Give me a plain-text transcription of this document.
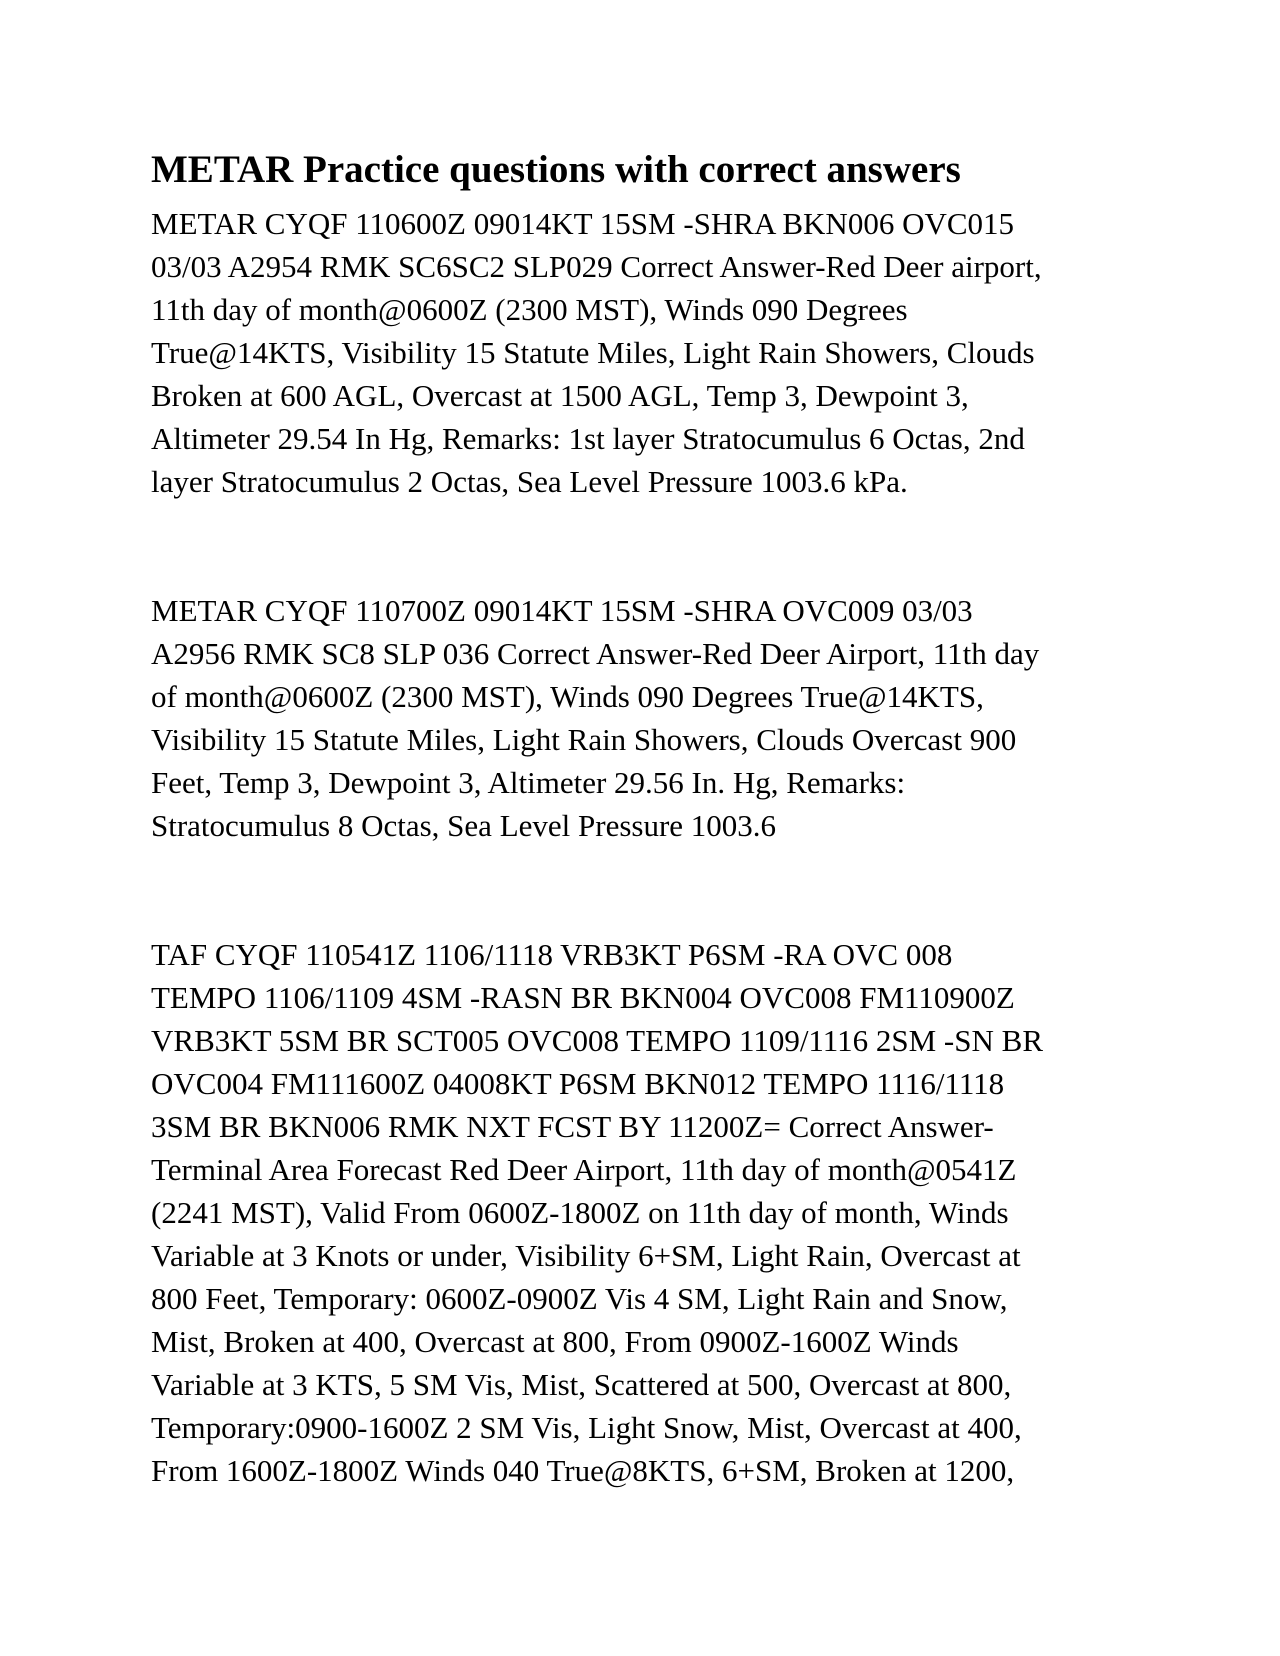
METAR Practice questions with correct answers

METAR CYQF 110600Z 09014KT 15SM -SHRA BKN006 OVC015
03/03 A2954 RMK SC6SC2 SLP029 Correct Answer-Red Deer airport,
11th day of month@0600Z (2300 MST), Winds 090 Degrees
True@14KTS, Visibility 15 Statute Miles, Light Rain Showers, Clouds
Broken at 600 AGL, Overcast at 1500 AGL, Temp 3, Dewpoint 3,
Altimeter 29.54 In Hg, Remarks: 1st layer Stratocumulus 6 Octas, 2nd
layer Stratocumulus 2 Octas, Sea Level Pressure 1003.6 kPa.

METAR CYQF 110700Z 09014KT 15SM -SHRA OVC009 03/03
A2956 RMK SC8 SLP 036 Correct Answer-Red Deer Airport, 11th day
of month@0600Z (2300 MST), Winds 090 Degrees True@14KTS,
Visibility 15 Statute Miles, Light Rain Showers, Clouds Overcast 900
Feet, Temp 3, Dewpoint 3, Altimeter 29.56 In. Hg, Remarks:
Stratocumulus 8 Octas, Sea Level Pressure 1003.6

TAF CYQF 110541Z 1106/1118 VRB3KT P6SM -RA OVC 008
TEMPO 1106/1109 4SM -RASN BR BKN004 OVC008 FM110900Z
VRB3KT 5SM BR SCT005 OVC008 TEMPO 1109/1116 2SM -SN BR
OVC004 FM111600Z 04008KT P6SM BKN012 TEMPO 1116/1118
3SM BR BKN006 RMK NXT FCST BY 11200Z= Correct Answer-
Terminal Area Forecast Red Deer Airport, 11th day of month@0541Z
(2241 MST), Valid From 0600Z-1800Z on 11th day of month, Winds
Variable at 3 Knots or under, Visibility 6+SM, Light Rain, Overcast at
800 Feet, Temporary: 0600Z-0900Z Vis 4 SM, Light Rain and Snow,
Mist, Broken at 400, Overcast at 800, From 0900Z-1600Z Winds
Variable at 3 KTS, 5 SM Vis, Mist, Scattered at 500, Overcast at 800,
Temporary:0900-1600Z 2 SM Vis, Light Snow, Mist, Overcast at 400,
From 1600Z-1800Z Winds 040 True@8KTS, 6+SM, Broken at 1200,
